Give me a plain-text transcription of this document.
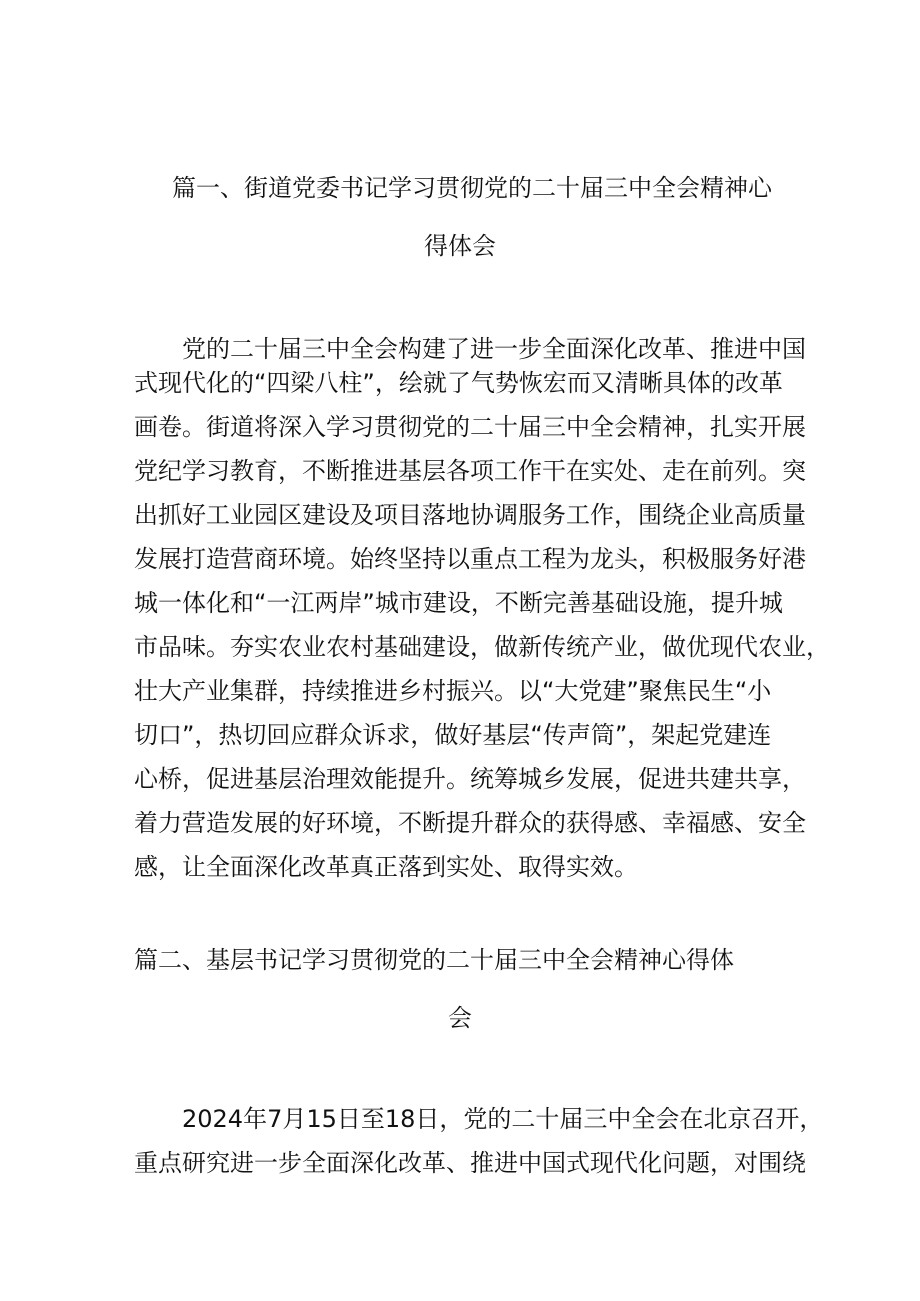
篇一、街道党委书记学习贯彻党的二十届三中全会精神心
得体会
党的二十届三中全会构建了进一步全面深化改革、推进中国
式现代化的“四梁八柱”，绘就了气势恢宏而又清晰具体的改革
画卷。街道将深入学习贯彻党的二十届三中全会精神，扎实开展
党纪学习教育，不断推进基层各项工作干在实处、走在前列。突
出抓好工业园区建设及项目落地协调服务工作，围绕企业高质量
发展打造营商环境。始终坚持以重点工程为龙头，积极服务好港
城一体化和“一江两岸”城市建设，不断完善基础设施，提升城
市品味。夯实农业农村基础建设，做新传统产业，做优现代农业，
壮大产业集群，持续推进乡村振兴。以“大党建”聚焦民生“小
切口”，热切回应群众诉求，做好基层“传声筒”，架起党建连
心桥，促进基层治理效能提升。统筹城乡发展，促进共建共享，
着力营造发展的好环境，不断提升群众的获得感、幸福感、安全
感，让全面深化改革真正落到实处、取得实效。
篇二、基层书记学习贯彻党的二十届三中全会精神心得体
会
2024年7月15日至18日，党的二十届三中全会在北京召开，
重点研究进一步全面深化改革、推进中国式现代化问题，对围绕
